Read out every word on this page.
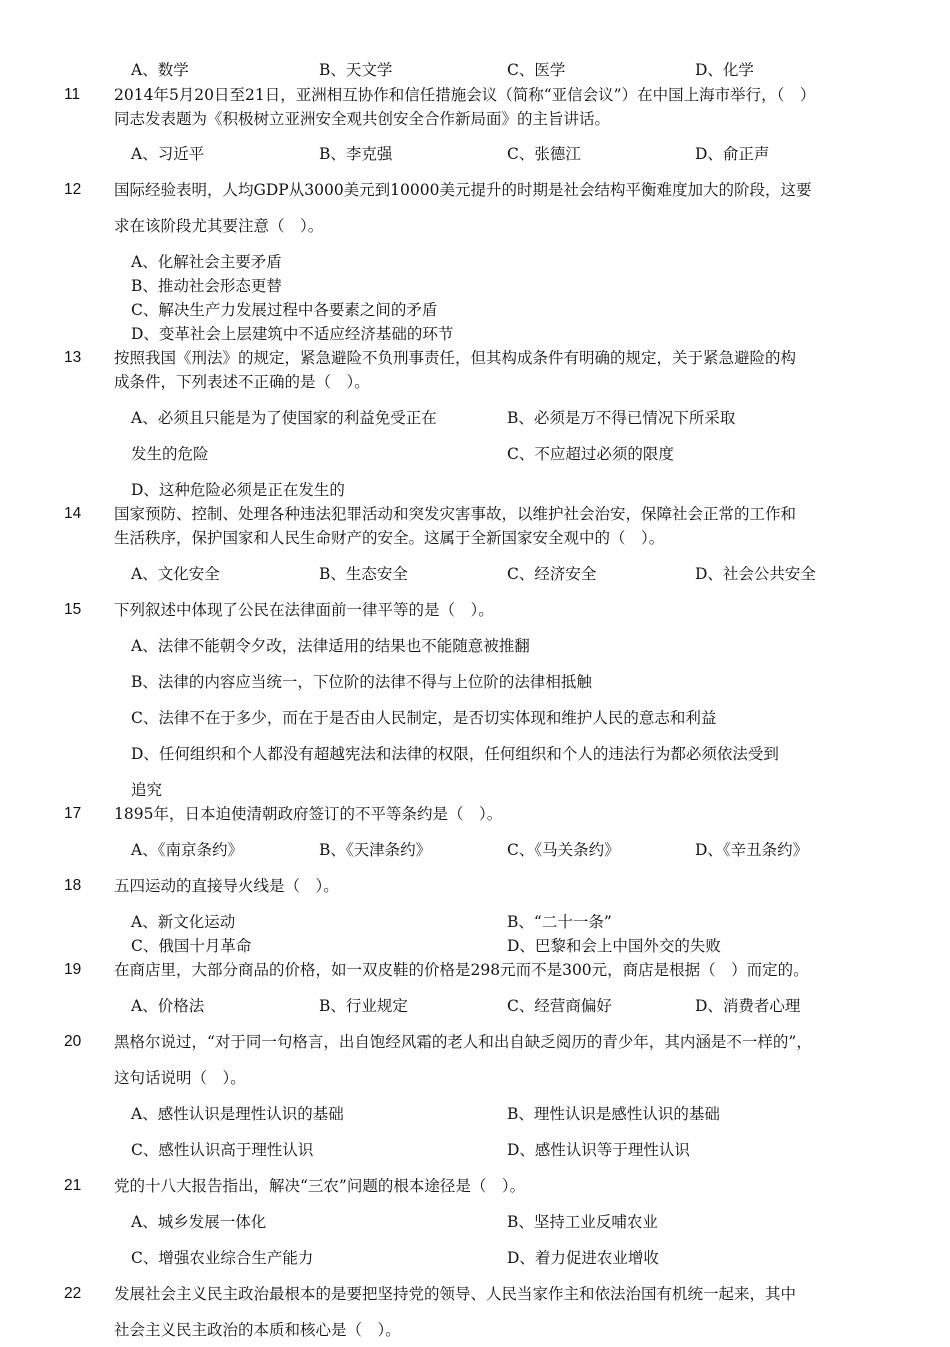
A、数学	B、天文学	C、医学	D、化学
11 2014年5月20日至21日，亚洲相互协作和信任措施会议（简称“亚信会议”）在中国上海市举行，（　）
同志发表题为《积极树立亚洲安全观共创安全合作新局面》的主旨讲话。
A、习近平	B、李克强	C、张德江	D、俞正声
12 国际经验表明，人均GDP从3000美元到10000美元提升的时期是社会结构平衡难度加大的阶段，这要
求在该阶段尤其要注意（　）。
A、化解社会主要矛盾
B、推动社会形态更替
C、解决生产力发展过程中各要素之间的矛盾
D、变革社会上层建筑中不适应经济基础的环节
13 按照我国《刑法》的规定，紧急避险不负刑事责任，但其构成条件有明确的规定，关于紧急避险的构
成条件，下列表述不正确的是（　）。
A、必须且只能是为了使国家的利益免受正在
发生的危险
B、必须是万不得已情况下所采取
C、不应超过必须的限度
D、这种危险必须是正在发生的
14 国家预防、控制、处理各种违法犯罪活动和突发灾害事故，以维护社会治安，保障社会正常的工作和
生活秩序，保护国家和人民生命财产的安全。这属于全新国家安全观中的（　）。
A、文化安全	B、生态安全	C、经济安全	D、社会公共安全
15 下列叙述中体现了公民在法律面前一律平等的是（　）。
A、法律不能朝令夕改，法律适用的结果也不能随意被推翻
B、法律的内容应当统一，下位阶的法律不得与上位阶的法律相抵触
C、法律不在于多少，而在于是否由人民制定，是否切实体现和维护人民的意志和利益
D、任何组织和个人都没有超越宪法和法律的权限，任何组织和个人的违法行为都必须依法受到
追究
17 1895年，日本迫使清朝政府签订的不平等条约是（　）。
A、《南京条约》	B、《天津条约》	C、《马关条约》	D、《辛丑条约》
18 五四运动的直接导火线是（　）。
A、新文化运动	B、“二十一条”
C、俄国十月革命	D、巴黎和会上中国外交的失败
19 在商店里，大部分商品的价格，如一双皮鞋的价格是298元而不是300元，商店是根据（　）而定的。
A、价格法	B、行业规定	C、经营商偏好	D、消费者心理
20 黑格尔说过，“对于同一句格言，出自饱经风霜的老人和出自缺乏阅历的青少年，其内涵是不一样的”，
这句话说明（　）。
A、感性认识是理性认识的基础	B、理性认识是感性认识的基础
C、感性认识高于理性认识	D、感性认识等于理性认识
21 党的十八大报告指出，解决“三农”问题的根本途径是（　）。
A、城乡发展一体化	B、坚持工业反哺农业
C、增强农业综合生产能力	D、着力促进农业增收
22 发展社会主义民主政治最根本的是要把坚持党的领导、人民当家作主和依法治国有机统一起来，其中
社会主义民主政治的本质和核心是（　）。
